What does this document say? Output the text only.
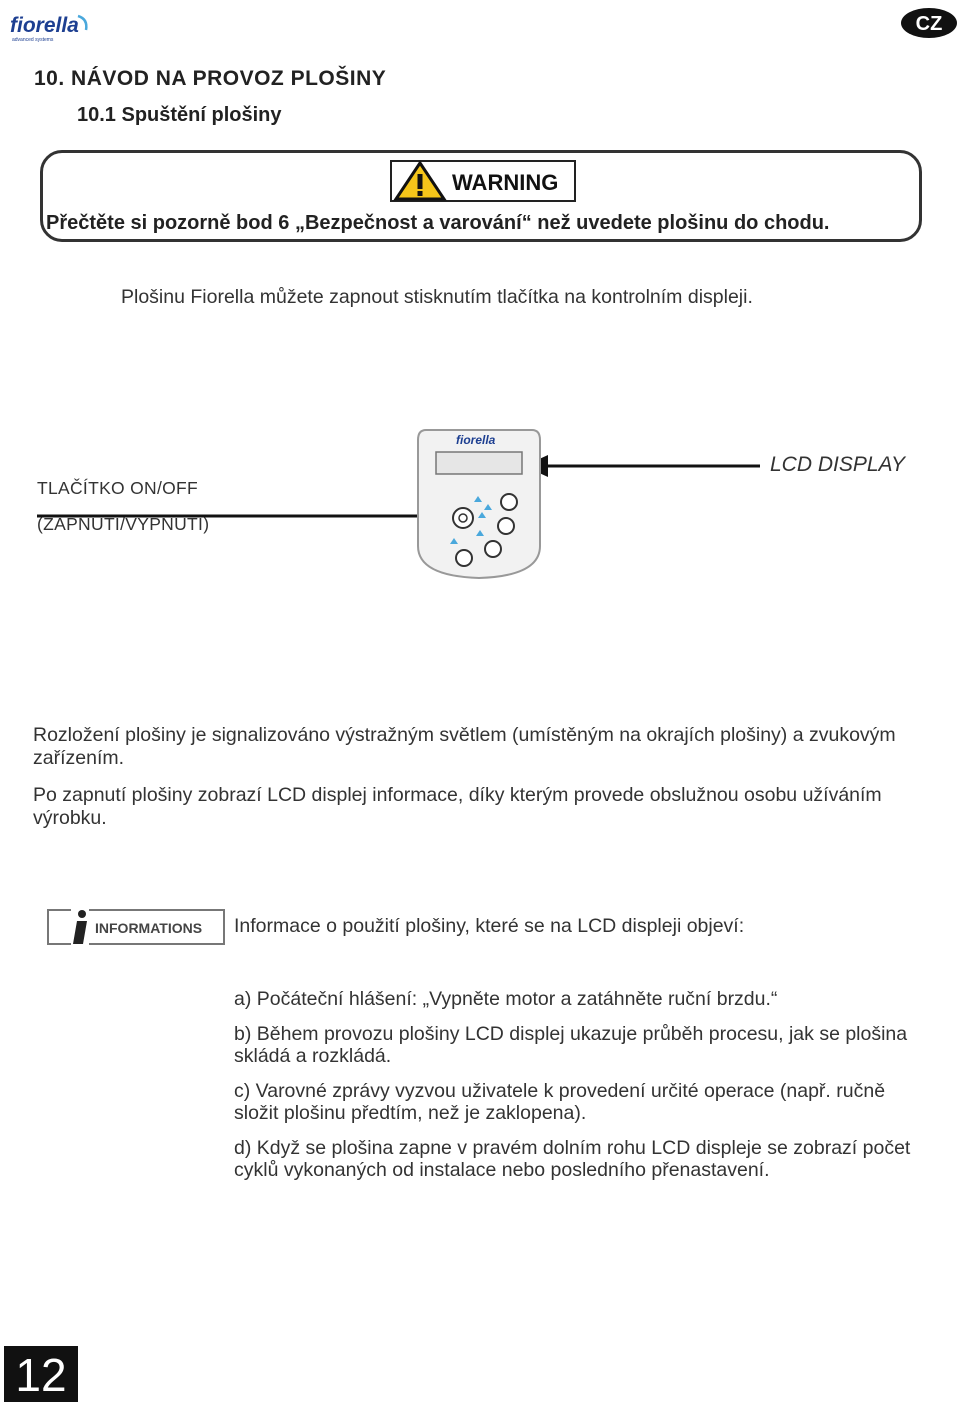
fiorella
advanced systems
CZ
10. NÁVOD NA PROVOZ PLOŠINY
10.1 Spuštění plošiny
WARNING
Přečtěte si pozorně bod 6 „Bezpečnost a varování“ než uvedete plošinu do chodu.
Plošinu Fiorella můžete zapnout stisknutím tlačítka na kontrolním displeji.
TLAČÍTKO ON/OFF
(ZAPNUTÍ/VYPNUTÍ)
LCD DISPLAY
fiorella
Rozložení plošiny je signalizováno výstražným světlem (umístěným na okrajích plošiny) a zvukovým zařízením.
Po zapnutí plošiny zobrazí LCD displej informace, díky kterým provede obslužnou osobu užíváním výrobku.
INFORMATIONS Informace o použití plošiny, které se na LCD displeji objeví:
a) Počáteční hlášení: „Vypněte motor a zatáhněte ruční brzdu.“
b) Během provozu plošiny LCD displej ukazuje průběh procesu, jak se plošina skládá a rozkládá.
c) Varovné zprávy vyzvou uživatele k provedení určité operace (např. ručně složit plošinu předtím, než je zaklopena).
d) Když se plošina zapne v pravém dolním rohu LCD displeje se zobrazí počet cyklů vykonaných od instalace nebo posledního přenastavení.
12
